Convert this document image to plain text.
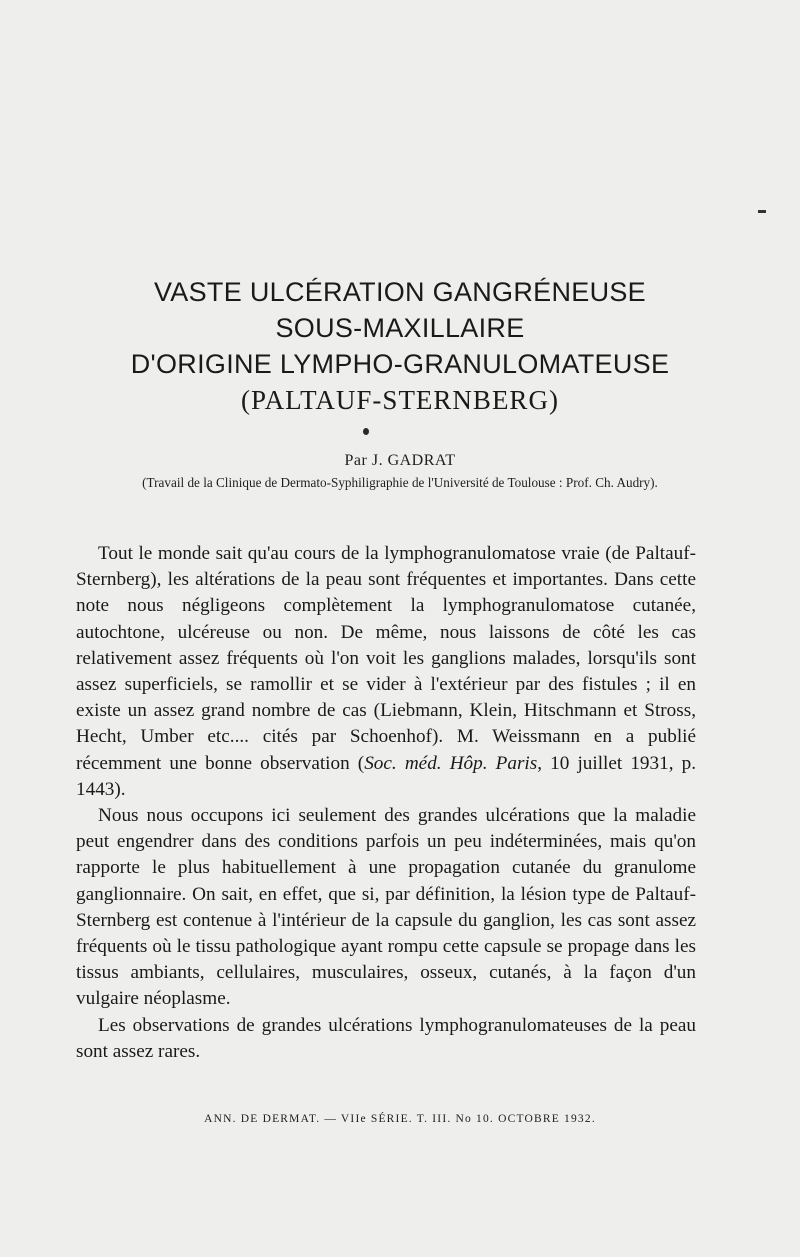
VASTE ULCÉRATION GANGRÉNEUSE
SOUS-MAXILLAIRE
D'ORIGINE LYMPHO-GRANULOMATEUSE
(PALTAUF-STERNBERG)
Par J. GADRAT
(Travail de la Clinique de Dermato-Syphiligraphie de l'Université de Toulouse : Prof. Ch. Audry).

Tout le monde sait qu'au cours de la lymphogranulomatose vraie (de Paltauf-Sternberg), les altérations de la peau sont fréquentes et importantes. Dans cette note nous négligeons complètement la lymphogranulomatose cutanée, autochtone, ulcéreuse ou non. De même, nous laissons de côté les cas relativement assez fréquents où l'on voit les ganglions malades, lorsqu'ils sont assez superficiels, se ramollir et se vider à l'extérieur par des fistules ; il en existe un assez grand nombre de cas (Liebmann, Klein, Hitschmann et Stross, Hecht, Umber etc.... cités par Schoenhof). M. Weissmann en a publié récemment une bonne observation (Soc. méd. Hôp. Paris, 10 juillet 1931, p. 1443).

Nous nous occupons ici seulement des grandes ulcérations que la maladie peut engendrer dans des conditions parfois un peu indéterminées, mais qu'on rapporte le plus habituellement à une propagation cutanée du granulome ganglionnaire. On sait, en effet, que si, par définition, la lésion type de Paltauf-Sternberg est contenue à l'intérieur de la capsule du ganglion, les cas sont assez fréquents où le tissu pathologique ayant rompu cette capsule se propage dans les tissus ambiants, cellulaires, musculaires, osseux, cutanés, à la façon d'un vulgaire néoplasme.

Les observations de grandes ulcérations lymphogranulomateuses de la peau sont assez rares.

ANN. DE DERMAT. — VIIe SÉRIE. T. III. No 10. OCTOBRE 1932.
